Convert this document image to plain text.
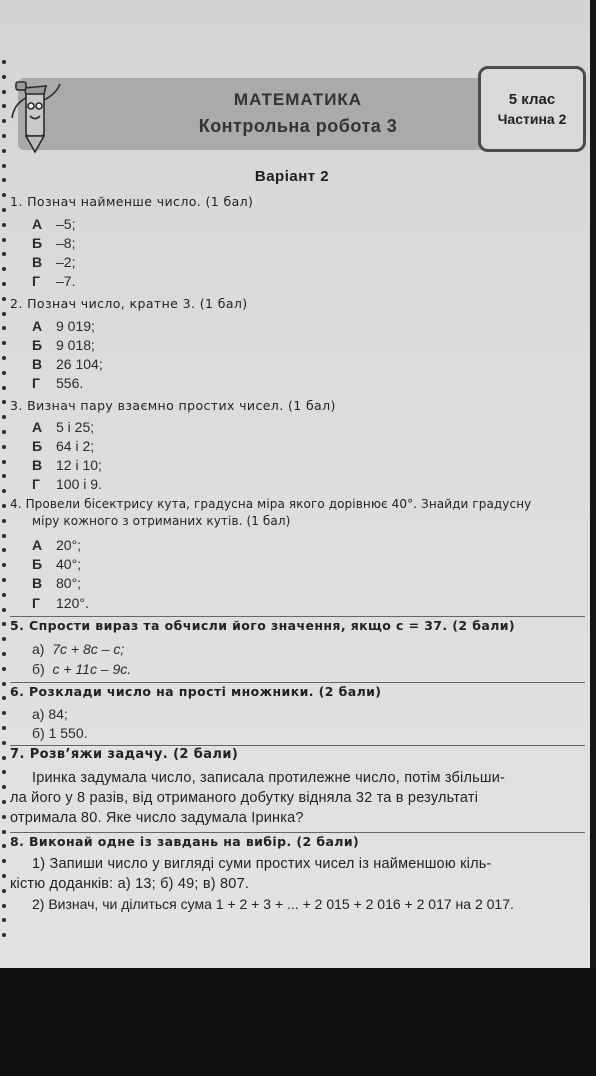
МАТЕМАТИКА
Контрольна робота 3
5 клас
Частина 2
Варіант 2
1. Познач найменше число. (1 бал)
А –5;
Б –8;
В –2;
Г –7.
2. Познач число, кратне 3. (1 бал)
А 9 019;
Б 9 018;
В 26 104;
Г 556.
3. Визнач пару взаємно простих чисел. (1 бал)
А 5 і 25;
Б 64 і 2;
В 12 і 10;
Г 100 і 9.
4. Провели бісектрису кута, градусна міра якого дорівнює 40°. Знайди градусну
міру кожного з отриманих кутів. (1 бал)
А 20°;
Б 40°;
В 80°;
Г 120°.
5. Спрости вираз та обчисли його значення, якщо c = 37. (2 бали)
а) 7c + 8c – c;
б) c + 11c – 9c.
6. Розклади число на прості множники. (2 бали)
а) 84;
б) 1 550.
7. Розв’яжи задачу. (2 бали)
Іринка задумала число, записала протилежне число, потім збільши-
ла його у 8 разів, від отриманого добутку відняла 32 та в результаті
отримала 80. Яке число задумала Іринка?
8. Виконай одне із завдань на вибір. (2 бали)
1) Запиши число у вигляді суми простих чисел із найменшою кіль-
кістю доданків: а) 13; б) 49; в) 807.
2) Визнач, чи ділиться сума 1 + 2 + 3 + ... + 2 015 + 2 016 + 2 017 на 2 017.
